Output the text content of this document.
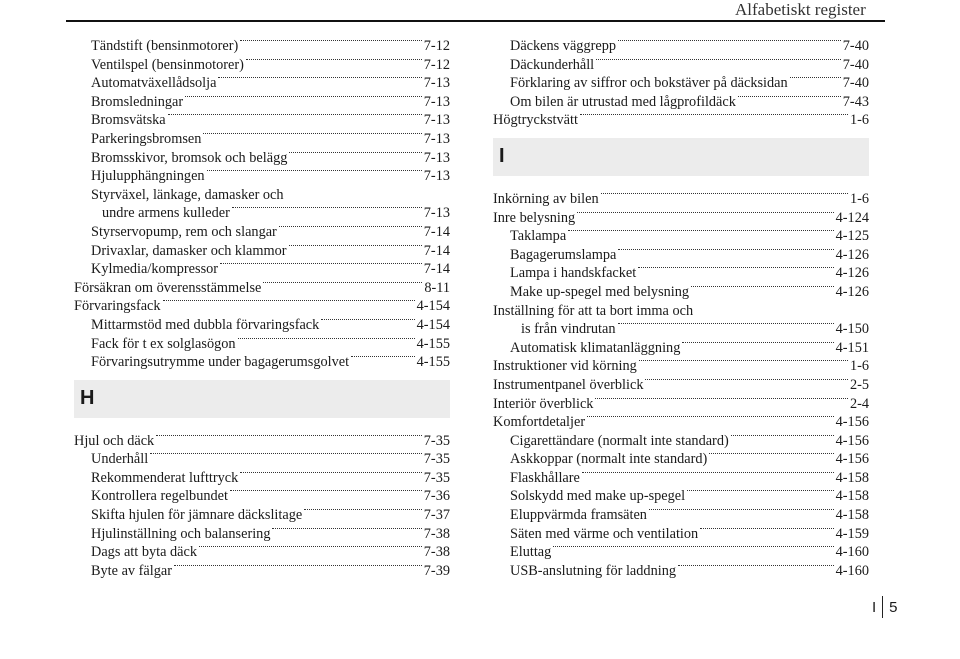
Alfabetiskt register
Tändstift (bensinmotorer)	7-12
Ventilspel (bensinmotorer)	7-12
Automatväxellådsolja	7-13
Bromsledningar	7-13
Bromsvätska	7-13
Parkeringsbromsen	7-13
Bromsskivor, bromsok och belägg	7-13
Hjulupphängningen	7-13
Styrväxel, länkage, damasker och
undre armens kulleder	7-13
Styrservopump, rem och slangar	7-14
Drivaxlar, damasker och klammor	7-14
Kylmedia/kompressor	7-14
Försäkran om överensstämmelse	8-11
Förvaringsfack	4-154
Mittarmstöd med dubbla förvaringsfack	4-154
Fack för t ex solglasögon	4-155
Förvaringsutrymme under bagagerumsgolvet	4-155
H
Hjul och däck	7-35
Underhåll	7-35
Rekommenderat lufttryck	7-35
Kontrollera regelbundet	7-36
Skifta hjulen för jämnare däckslitage	7-37
Hjulinställning och balansering	7-38
Dags att byta däck	7-38
Byte av fälgar	7-39
Däckens väggrepp	7-40
Däckunderhåll	7-40
Förklaring av siffror och bokstäver på däcksidan	7-40
Om bilen är utrustad med lågprofildäck	7-43
Högtryckstvätt	1-6
I
Inkörning av bilen	1-6
Inre belysning	4-124
Taklampa	4-125
Bagagerumslampa	4-126
Lampa i handskfacket	4-126
Make up-spegel med belysning	4-126
Inställning för att ta bort imma och
is från vindrutan	4-150
Automatisk klimatanläggning	4-151
Instruktioner vid körning	1-6
Instrumentpanel överblick	2-5
Interiör överblick	2-4
Komfortdetaljer	4-156
Cigarettändare (normalt inte standard)	4-156
Askkoppar (normalt inte standard)	4-156
Flaskhållare	4-158
Solskydd med make up-spegel	4-158
Eluppvärmda framsäten	4-158
Säten med värme och ventilation	4-159
Eluttag	4-160
USB-anslutning för laddning	4-160
I 5
